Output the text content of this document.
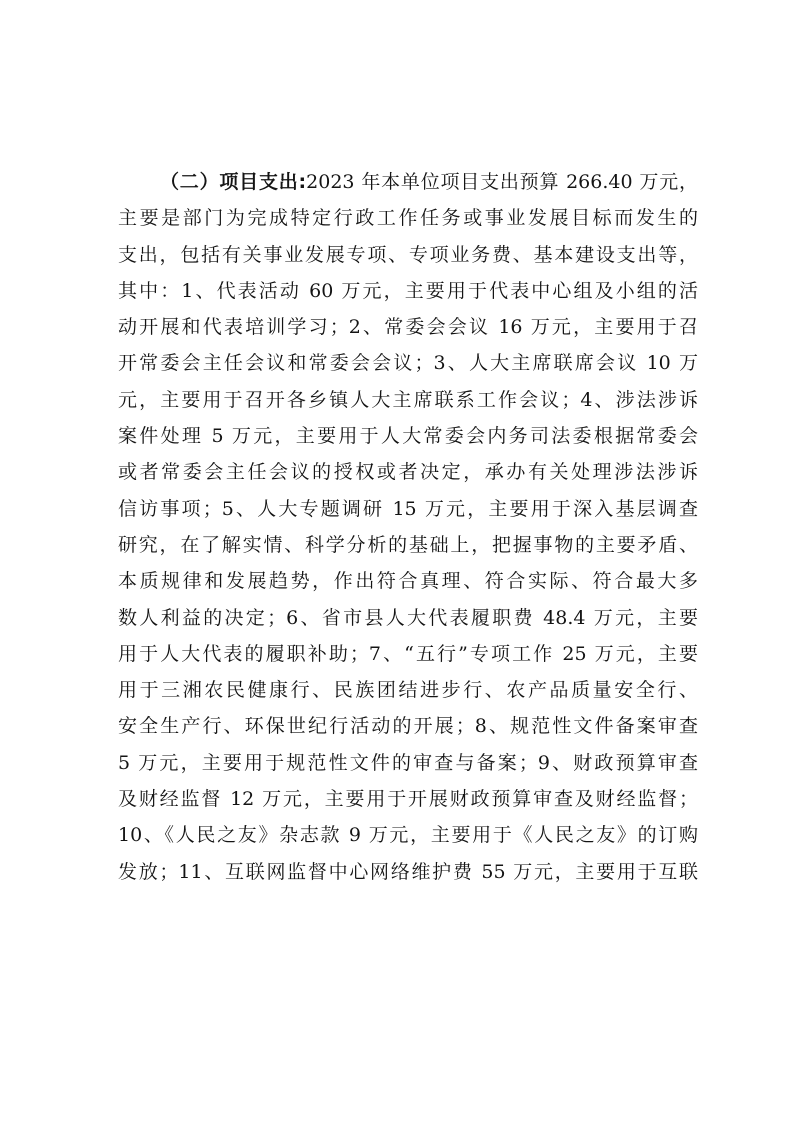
（二）项目支出:2023 年本单位项目支出预算 266.40 万元，
主要是部门为完成特定行政工作任务或事业发展目标而发生的
支出，包括有关事业发展专项、专项业务费、基本建设支出等，
其中：1、代表活动 60 万元，主要用于代表中心组及小组的活
动开展和代表培训学习；2、常委会会议 16 万元，主要用于召
开常委会主任会议和常委会会议；3、人大主席联席会议 10 万
元，主要用于召开各乡镇人大主席联系工作会议；4、涉法涉诉
案件处理 5 万元，主要用于人大常委会内务司法委根据常委会
或者常委会主任会议的授权或者决定，承办有关处理涉法涉诉
信访事项；5、人大专题调研 15 万元，主要用于深入基层调查
研究，在了解实情、科学分析的基础上，把握事物的主要矛盾、
本质规律和发展趋势，作出符合真理、符合实际、符合最大多
数人利益的决定；6、省市县人大代表履职费 48.4 万元，主要
用于人大代表的履职补助；7、“五行”专项工作 25 万元，主要
用于三湘农民健康行、民族团结进步行、农产品质量安全行、
安全生产行、环保世纪行活动的开展；8、规范性文件备案审查
5 万元，主要用于规范性文件的审查与备案；9、财政预算审查
及财经监督 12 万元，主要用于开展财政预算审查及财经监督；
10、《人民之友》杂志款 9 万元，主要用于《人民之友》的订购
发放；11、互联网监督中心网络维护费 55 万元，主要用于互联
